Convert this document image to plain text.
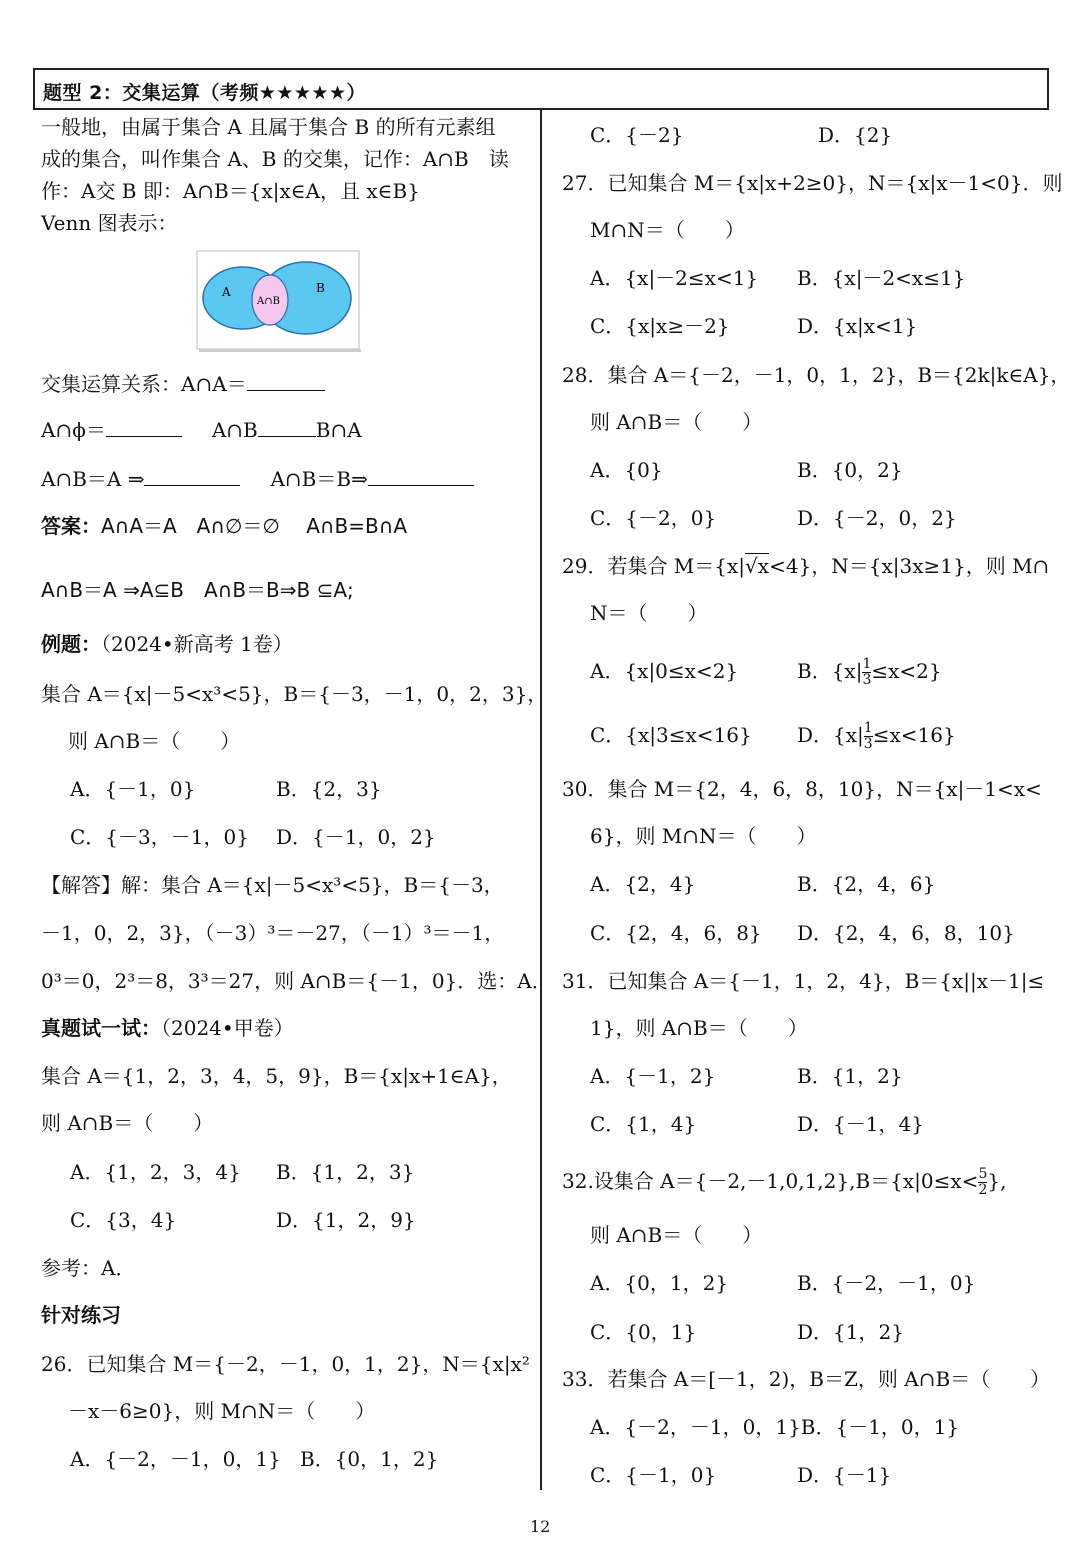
题型 2：交集运算（考频★★★★★）
一般地，由属于集合 A 且属于集合 B 的所有元素组
成的集合，叫作集合 A、B 的交集，记作：A∩B　读
作：A交 B 即：A∩B＝{x|x∈A，且 x∈B}
Venn 图表示：
A	B
A∩B
交集运算关系：A∩A＝
A∩ϕ＝	A∩B	B∩A
A∩B＝A ⇒	A∩B＝B⇒
答案：A∩A＝A　A∩∅＝∅　 A∩B=B∩A
A∩B＝A ⇒A⊆B　A∩B＝B⇒B ⊆A;
例题：（2024•新高考 1卷）
集合 A＝{x|－5<x³<5}，B＝{－3，－1，0，2，3}，
则 A∩B＝（　　）
A．{－1，0}	B．{2，3}
C．{－3，－1，0} D．{－1，0，2}
【解答】解：集合 A＝{x|－5<x³<5}，B＝{－3，
－1，0，2，3}，（－3）³＝－27，（－1）³＝－1，
0³＝0，2³＝8，3³＝27，则 A∩B＝{－1，0}．选：A．
真题试一试：（2024•甲卷）
集合 A＝{1，2，3，4，5，9}，B＝{x|x+1∈A}，
则 A∩B＝（　　）
A．{1，2，3，4} B．{1，2，3}
C．{3，4}	D．{1，2，9}
参考：A．
针对练习
26．已知集合 M＝{－2，－1，0，1，2}，N＝{x|x²
－x－6≥0}，则 M∩N＝（　　）
A．{－2，－1，0，1} B．{0，1，2}
C．{－2}	D．{2}
27．已知集合 M＝{x|x+2≥0}，N＝{x|x－1<0}．则
M∩N＝（　　）
A．{x|－2≤x<1} B．{x|－2<x≤1}
C．{x|x≥－2}	D．{x|x<1}
28．集合 A＝{－2，－1，0，1，2}，B＝{2k|k∈A}，
则 A∩B＝（　　）
A．{0}	B．{0，2}
C．{－2，0}	D．{－2，0，2}
29．若集合 M＝{x|√x<4}，N＝{x|3x≥1}，则 M∩
N＝（　　）
A．{x|0≤x<2}	B．$\{x| \frac{1}{3} \le x<2\}$
C．{x|3≤x<16} D．$\{x| \frac{1}{3} \le x<16\}$
30．集合 M＝{2，4，6，8，10}，N＝{x|－1<x<
6}，则 M∩N＝（　　）
A．{2，4}	B．{2，4，6}
C．{2，4，6，8} D．{2，4，6，8，10}
31．已知集合 A＝{－1，1，2，4}，B＝{x||x－1|≤
1}，则 A∩B＝（　　）
A．{－1，2}	B．{1，2}
C．{1，4}	D．{－1，4}
32.设集合 $A=\{-2,-1,0,1,2\},B=\{x|0\le x< \frac{5}{2}$ },
则 A∩B＝（　　）
A．{0，1，2}	B．{－2，－1，0}
C．{0，1}	D．{1，2}
33．若集合 A＝[－1，2)，B＝Z，则 A∩B＝（　　）
A．{－2，－1，0，1}B．{－1，0，1}
C．{－1，0}	D．{－1}
12
